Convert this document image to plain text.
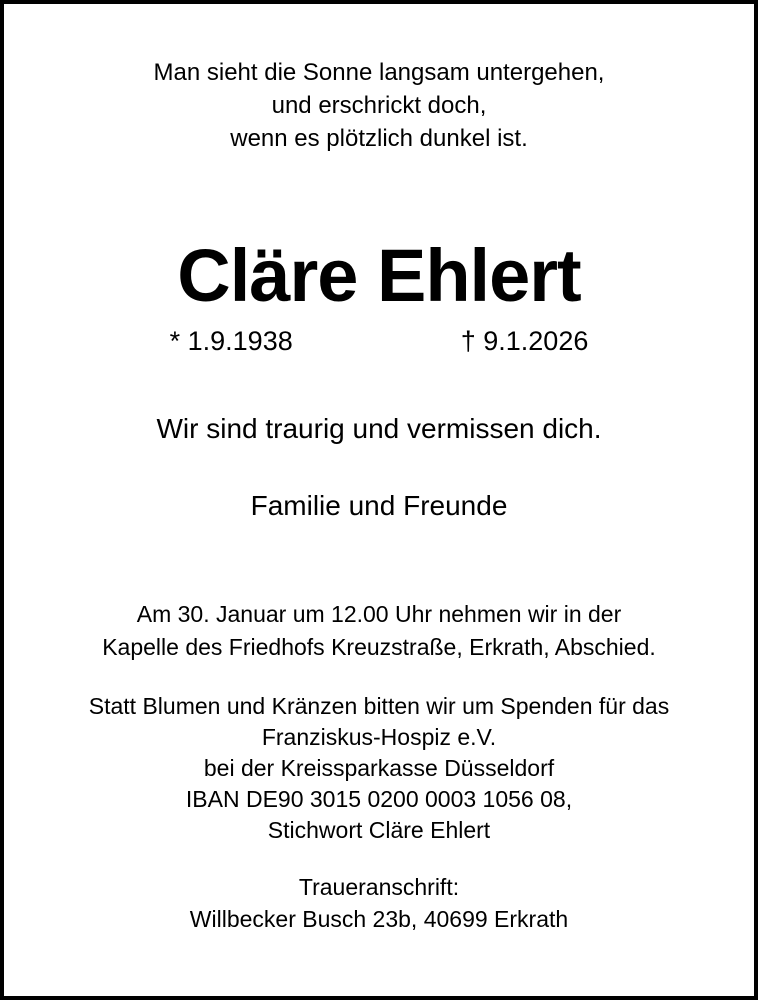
Man sieht die Sonne langsam untergehen,
und erschrickt doch,
wenn es plötzlich dunkel ist.
Cläre Ehlert
* 1.9.1938	† 9.1.2026
Wir sind traurig und vermissen dich.
Familie und Freunde
Am 30. Januar um 12.00 Uhr nehmen wir in der
Kapelle des Friedhofs Kreuzstraße, Erkrath, Abschied.
Statt Blumen und Kränzen bitten wir um Spenden für das
Franziskus-Hospiz e.V.
bei der Kreissparkasse Düsseldorf
IBAN DE90 3015 0200 0003 1056 08,
Stichwort Cläre Ehlert
Traueranschrift:
Willbecker Busch 23b, 40699 Erkrath
